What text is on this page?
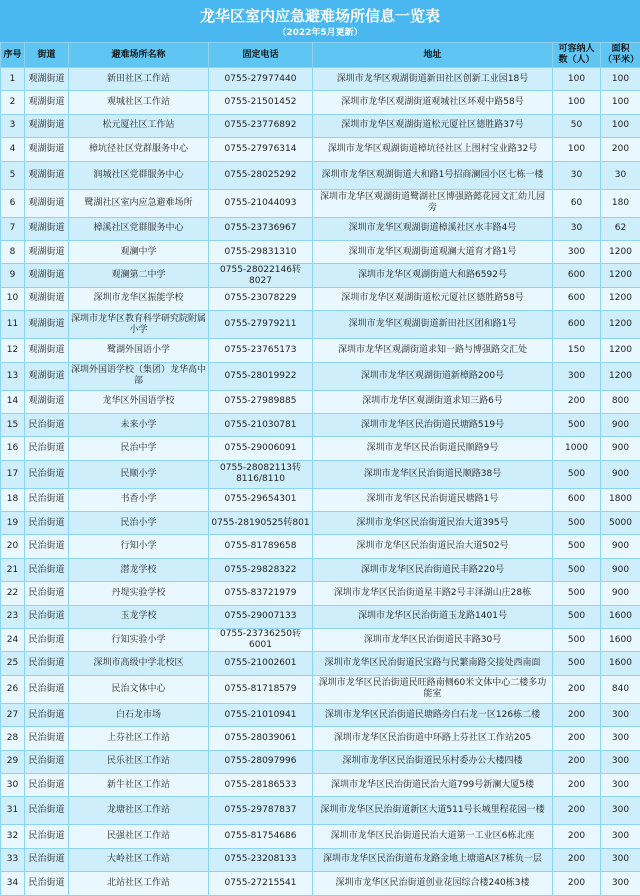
龙华区室内应急避难场所信息一览表
（2022年5月更新）
序号	街道	避难场所名称	固定电话	地址	可容纳人数（人）	面积（平米）
1	观湖街道	新田社区工作站	0755-27977440	深圳市龙华区观湖街道新田社区创新工业园18号	100	100
2	观湖街道	观城社区工作站	0755-21501452	深圳市龙华区观湖街道观城社区环观中路58号	100	100
3	观湖街道	松元厦社区工作站	0755-23776892	深圳市龙华区观湖街道松元厦社区德胜路37号	50	100
4	观湖街道	樟坑径社区党群服务中心	0755-27976314	深圳市龙华区观湖街道樟坑径社区上围村宝业路32号	100	200
5	观湖街道	润城社区党群服务中心	0755-28025292	深圳市龙华区观湖街道大和路1号招商澜园小区七栋一楼	30	30
6	观湖街道	鹭湖社区室内应急避难场所	0755-21044093	深圳市龙华区观湖街道鹭湖社区博强路懿花园文汇幼儿园旁	60	180
7	观湖街道	樟溪社区党群服务中心	0755-23736967	深圳市龙华区观湖街道樟溪社区水丰路4号	30	62
8	观湖街道	观澜中学	0755-29831310	深圳市龙华区观湖街道观澜大道育才路1号	300	1200
9	观湖街道	观澜第二中学	0755-28022146转8027	深圳市龙华区观湖街道大和路6592号	600	1200
10	观湖街道	深圳市龙华区振能学校	0755-23078229	深圳市龙华区观湖街道松元厦社区德胜路58号	600	1200
11	观湖街道	深圳市龙华区教育科学研究院附属小学	0755-27979211	深圳市龙华区观湖街道新田社区团和路1号	600	1200
12	观湖街道	鹭湖外国语小学	0755-23765173	深圳市龙华区观湖街道求知一路与博强路交汇处	150	1200
13	观湖街道	深圳外国语学校（集团）龙华高中部	0755-28019922	深圳市龙华区观湖街道新樟路200号	300	1200
14	观湖街道	龙华区外国语学校	0755-27989885	深圳市龙华区观湖街道求知三路6号	200	800
15	民治街道	未来小学	0755-21030781	深圳市龙华区民治街道民塘路519号	500	900
16	民治街道	民治中学	0755-29006091	深圳市龙华区民治街道民顺路9号	1000	900
17	民治街道	民顺小学	0755-28082113转8116/8110	深圳市龙华区民治街道民顺路38号	500	900
18	民治街道	书香小学	0755-29654301	深圳市龙华区民治街道民塘路1号	600	1800
19	民治街道	民治小学	0755-28190525转801	深圳市龙华区民治街道民治大道395号	500	5000
20	民治街道	行知小学	0755-81789658	深圳市龙华区民治街道民治大道502号	500	900
21	民治街道	潜龙学校	0755-29828322	深圳市龙华区民治街道民丰路220号	500	900
22	民治街道	丹堤实验学校	0755-83721979	深圳市龙华区民治街道星丰路2号丰泽湖山庄28栋	500	900
23	民治街道	玉龙学校	0755-29007133	深圳市龙华区民治街道玉龙路1401号	500	1600
24	民治街道	行知实验小学	0755-23736250转6001	深圳市龙华区民治街道民丰路30号	500	1600
25	民治街道	深圳市高级中学北校区	0755-21002601	深圳市龙华区民治街道民宝路与民繁南路交接处西南面	500	1600
26	民治街道	民治文体中心	0755-81718579	深圳市龙华区民治街道民旺路南侧60米文体中心二楼多功能室	200	840
27	民治街道	白石龙市场	0755-21010941	深圳市龙华区民治街道民塘路旁白石龙一区126栋二楼	200	300
28	民治街道	上芬社区工作站	0755-28039061	深圳市龙华区民治街道中环路上芬社区工作站205	200	300
29	民治街道	民乐社区工作站	0755-28097996	深圳市龙华区民治街道民乐村委办公大楼四楼	200	300
30	民治街道	新牛社区工作站	0755-28186533	深圳市龙华区民治街道民治大道799号新澜大厦5楼	200	300
31	民治街道	龙塘社区工作站	0755-29787837	深圳市龙华区民治街道新区大道511号长城里程花园一楼	200	300
32	民治街道	民强社区工作站	0755-81754686	深圳市龙华区民治街道民治大道第一工业区6栋北座	200	300
33	民治街道	大岭社区工作站	0755-23208133	深圳市龙华区民治街道布龙路金地上塘道A区7栋负一层	200	300
34	民治街道	北站社区工作站	0755-27215541	深圳市龙华区民治街道创业花园综合楼240栋3楼	200	300
